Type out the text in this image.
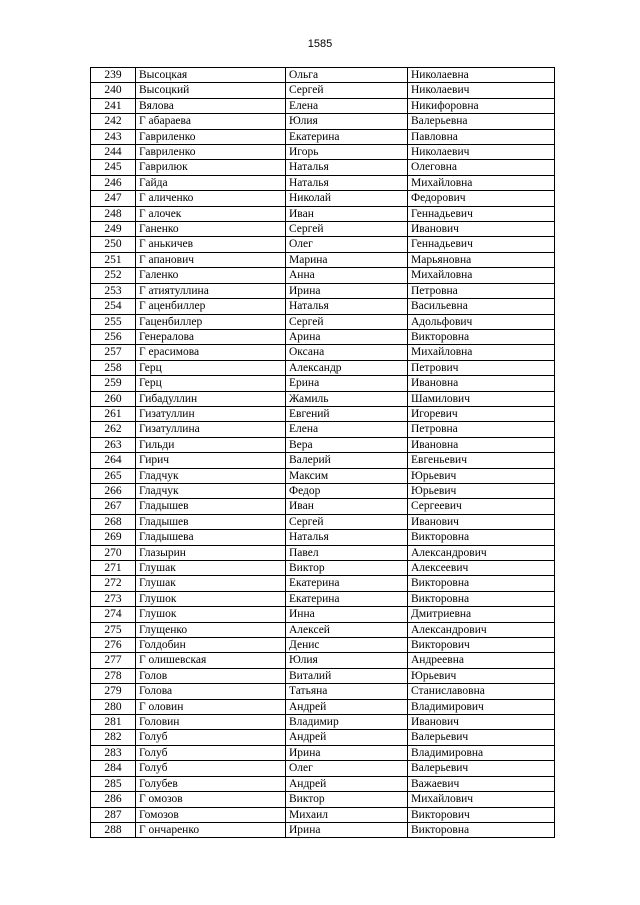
1585
239	Высоцкая	Ольга	Николаевна
240	Высоцкий	Сергей	Николаевич
241	Вялова	Елена	Никифоровна
242	Г абараева	Юлия	Валерьевна
243	Гавриленко	Екатерина	Павловна
244	Гавриленко	Игорь	Николаевич
245	Гаврилюк	Наталья	Олеговна
246	Гайда	Наталья	Михайловна
247	Г аличенко	Николай	Федорович
248	Г алочек	Иван	Геннадьевич
249	Ганенко	Сергей	Иванович
250	Г анькичев	Олег	Геннадьевич
251	Г апанович	Марина	Марьяновна
252	Галенко	Анна	Михайловна
253	Г атиятуллина	Ирина	Петровна
254	Г аценбиллер	Наталья	Васильевна
255	Гаценбиллер	Сергей	Адольфович
256	Генералова	Арина	Викторовна
257	Г ерасимова	Оксана	Михайловна
258	Герц	Александр	Петрович
259	Герц	Ерина	Ивановна
260	Гибадуллин	Жамиль	Шамилович
261	Гизатуллин	Евгений	Игоревич
262	Гизатуллина	Елена	Петровна
263	Гильди	Вера	Ивановна
264	Гирич	Валерий	Евгеньевич
265	Гладчук	Максим	Юрьевич
266	Гладчук	Федор	Юрьевич
267	Гладышев	Иван	Сергеевич
268	Гладышев	Сергей	Иванович
269	Гладышева	Наталья	Викторовна
270	Глазырин	Павел	Александрович
271	Глушак	Виктор	Алексеевич
272	Глушак	Екатерина	Викторовна
273	Глушок	Екатерина	Викторовна
274	Глушок	Инна	Дмитриевна
275	Глущенко	Алексей	Александрович
276	Голдобин	Денис	Викторович
277	Г олишевская	Юлия	Андреевна
278	Голов	Виталий	Юрьевич
279	Голова	Татьяна	Станиславовна
280	Г оловин	Андрей	Владимирович
281	Головин	Владимир	Иванович
282	Голуб	Андрей	Валерьевич
283	Голуб	Ирина	Владимировна
284	Голуб	Олег	Валерьевич
285	Голубев	Андрей	Важаевич
286	Г омозов	Виктор	Михайлович
287	Гомозов	Михаил	Викторович
288	Г ончаренко	Ирина	Викторовна
